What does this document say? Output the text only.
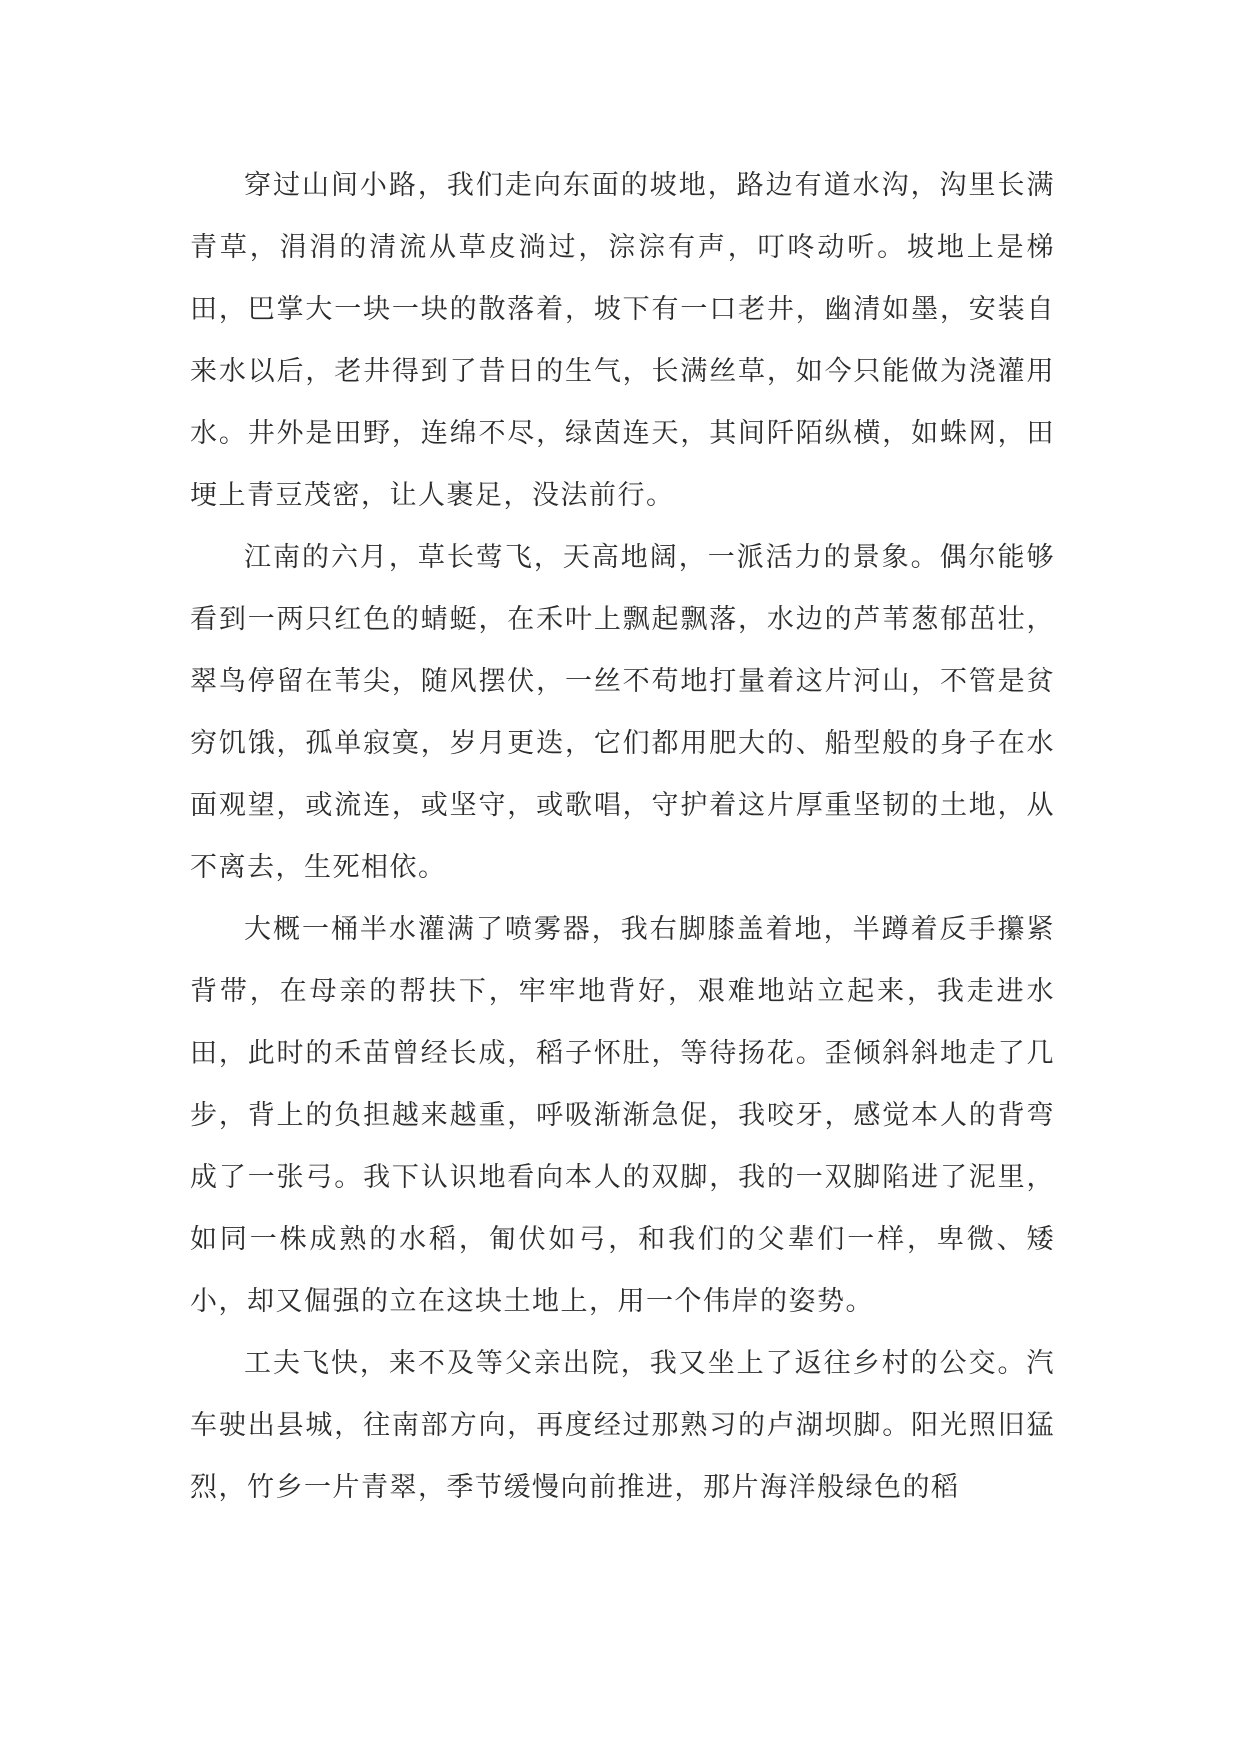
穿过山间小路，我们走向东面的坡地，路边有道水沟，沟里长满青草，涓涓的清流从草皮淌过，淙淙有声，叮咚动听。坡地上是梯田，巴掌大一块一块的散落着，坡下有一口老井，幽清如墨，安装自来水以后，老井得到了昔日的生气，长满丝草，如今只能做为浇灌用水。井外是田野，连绵不尽，绿茵连天，其间阡陌纵横，如蛛网，田埂上青豆茂密，让人裹足，没法前行。

江南的六月，草长莺飞，天高地阔，一派活力的景象。偶尔能够看到一两只红色的蜻蜓，在禾叶上飘起飘落，水边的芦苇葱郁茁壮，翠鸟停留在苇尖，随风摆伏，一丝不苟地打量着这片河山，不管是贫穷饥饿，孤单寂寞，岁月更迭，它们都用肥大的、船型般的身子在水面观望，或流连，或坚守，或歌唱，守护着这片厚重坚韧的土地，从不离去，生死相依。

大概一桶半水灌满了喷雾器，我右脚膝盖着地，半蹲着反手攥紧背带，在母亲的帮扶下，牢牢地背好，艰难地站立起来，我走进水田，此时的禾苗曾经长成，稻子怀肚，等待扬花。歪倾斜斜地走了几步，背上的负担越来越重，呼吸渐渐急促，我咬牙，感觉本人的背弯成了一张弓。我下认识地看向本人的双脚，我的一双脚陷进了泥里，如同一株成熟的水稻，匍伏如弓，和我们的父辈们一样，卑微、矮小，却又倔强的立在这块土地上，用一个伟岸的姿势。

工夫飞快，来不及等父亲出院，我又坐上了返往乡村的公交。汽车驶出县城，往南部方向，再度经过那熟习的卢湖坝脚。阳光照旧猛烈，竹乡一片青翠，季节缓慢向前推进，那片海洋般绿色的稻
